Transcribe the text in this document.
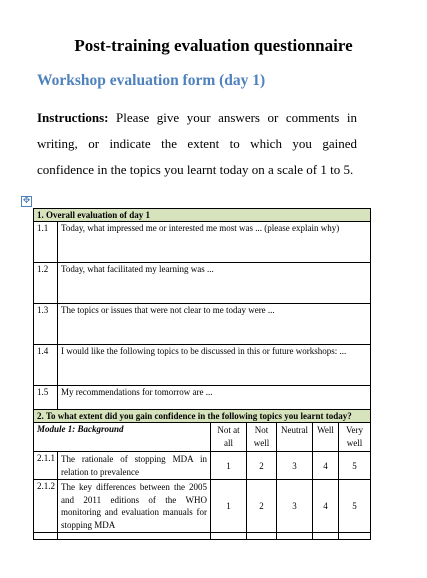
Post-training evaluation questionnaire
Workshop evaluation form (day 1)
Instructions: Please give your answers or comments in writing, or indicate the extent to which you gained confidence in the topics you learnt today on a scale of 1 to 5.
✥
1. Overall evaluation of day 1						
1.1	Today, what impressed me or interested me most was ... (please explain why)					
1.2	Today, what facilitated my learning was ...					
1.3	The topics or issues that were not clear to me today were ...					
1.4	I would like the following topics to be discussed in this or future workshops: ...					
1.5	My recommendations for tomorrow are ...					
2. To what extent did you gain confidence in the following topics you learnt today?						
Module 1: Background		Not at all	Not well	Neutral	Well	Very well
2.1.1	The rationale of stopping MDA in relation to prevalence	1	2	3	4	5
2.1.2	The key differences between the 2005 and 2011 editions of the WHO monitoring and evaluation manuals for stopping MDA	1	2	3	4	5
